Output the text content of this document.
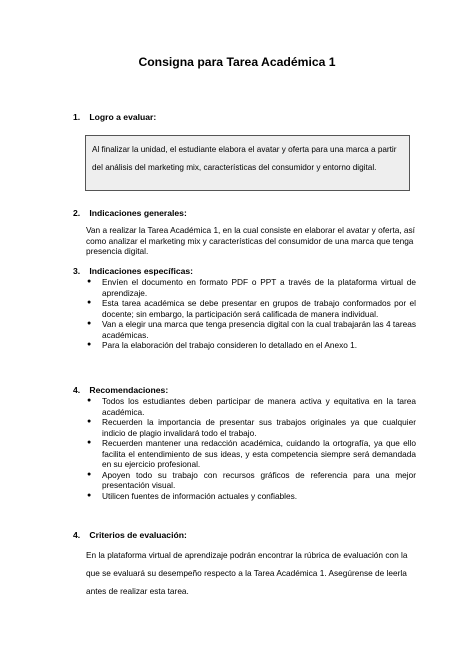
Consigna para Tarea Académica 1
1. Logro a evaluar:
Al finalizar la unidad, el estudiante elabora el avatar y oferta para una marca a partir del análisis del marketing mix, características del consumidor y entorno digital.
2. Indicaciones generales:
Van a realizar la Tarea Académica 1, en la cual consiste en elaborar el avatar y oferta, así como analizar el marketing mix y características del consumidor de una marca que tenga presencia digital.
3. Indicaciones específicas:
● Envíen el documento en formato PDF o PPT a través de la plataforma virtual de aprendizaje.
● Esta tarea académica se debe presentar en grupos de trabajo conformados por el docente; sin embargo, la participación será calificada de manera individual.
● Van a elegir una marca que tenga presencia digital con la cual trabajarán las 4 tareas académicas.
● Para la elaboración del trabajo consideren lo detallado en el Anexo 1.
4. Recomendaciones:
● Todos los estudiantes deben participar de manera activa y equitativa en la tarea académica.
● Recuerden la importancia de presentar sus trabajos originales ya que cualquier indicio de plagio invalidará todo el trabajo.
● Recuerden mantener una redacción académica, cuidando la ortografía, ya que ello facilita el entendimiento de sus ideas, y esta competencia siempre será demandada en su ejercicio profesional.
● Apoyen todo su trabajo con recursos gráficos de referencia para una mejor presentación visual.
● Utilicen fuentes de información actuales y confiables.
4. Criterios de evaluación:
En la plataforma virtual de aprendizaje podrán encontrar la rúbrica de evaluación con la que se evaluará su desempeño respecto a la Tarea Académica 1. Asegúrense de leerla antes de realizar esta tarea.
